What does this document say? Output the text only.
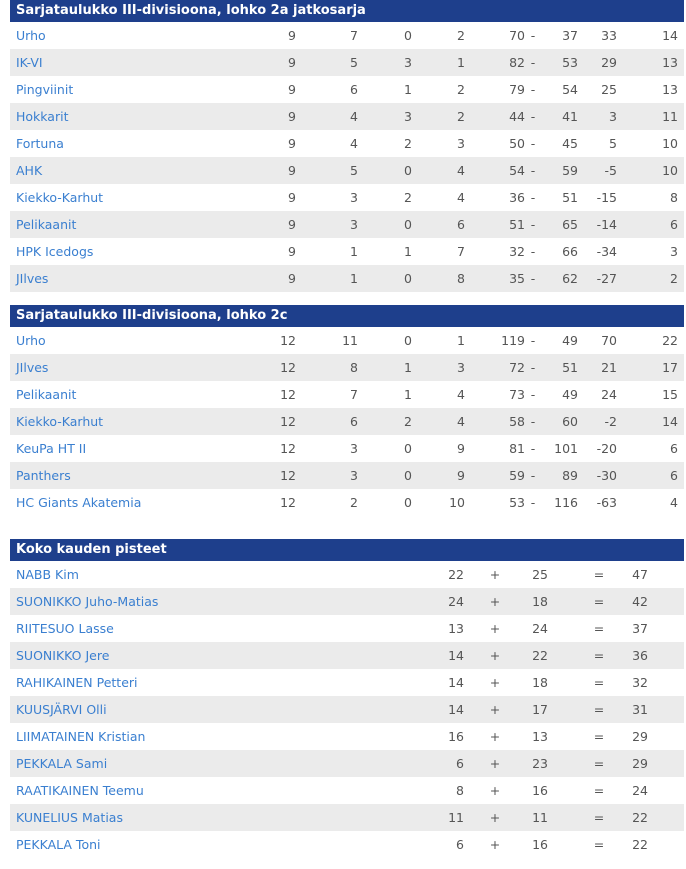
Sarjataulukko III-divisioona, lohko 2a jatkosarja
Urho	9	7	0	2	70 -	37	33	14
IK-VI	9	5	3	1	82 -	53	29	13
Pingviinit	9	6	1	2	79 -	54	25	13
Hokkarit	9	4	3	2	44 -	41	3	11
Fortuna	9	4	2	3	50 -	45	5	10
AHK	9	5	0	4	54 -	59	-5	10
Kiekko-Karhut	9	3	2	4	36 -	51	-15	8
Pelikaanit	9	3	0	6	51 -	65	-14	6
HPK Icedogs	9	1	1	7	32 -	66	-34	3
JIlves	9	1	0	8	35 -	62	-27	2
Sarjataulukko III-divisioona, lohko 2c
Urho	12	11	0	1	119 -	49	70	22
JIlves	12	8	1	3	72 -	51	21	17
Pelikaanit	12	7	1	4	73 -	49	24	15
Kiekko-Karhut	12	6	2	4	58 -	60	-2	14
KeuPa HT II	12	3	0	9	81 -	101	-20	6
Panthers	12	3	0	9	59 -	89	-30	6
HC Giants Akatemia	12	2	0	10	53 -	116	-63	4
Koko kauden pisteet
NABB Kim	22	+	25	=	47
SUONIKKO Juho-Matias	24	+	18	=	42
RIITESUO Lasse	13	+	24	=	37
SUONIKKO Jere	14	+	22	=	36
RAHIKAINEN Petteri	14	+	18	=	32
KUUSJÄRVI Olli	14	+	17	=	31
LIIMATAINEN Kristian	16	+	13	=	29
PEKKALA Sami	6	+	23	=	29
RAATIKAINEN Teemu	8	+	16	=	24
KUNELIUS Matias	11	+	11	=	22
PEKKALA Toni	6	+	16	=	22
